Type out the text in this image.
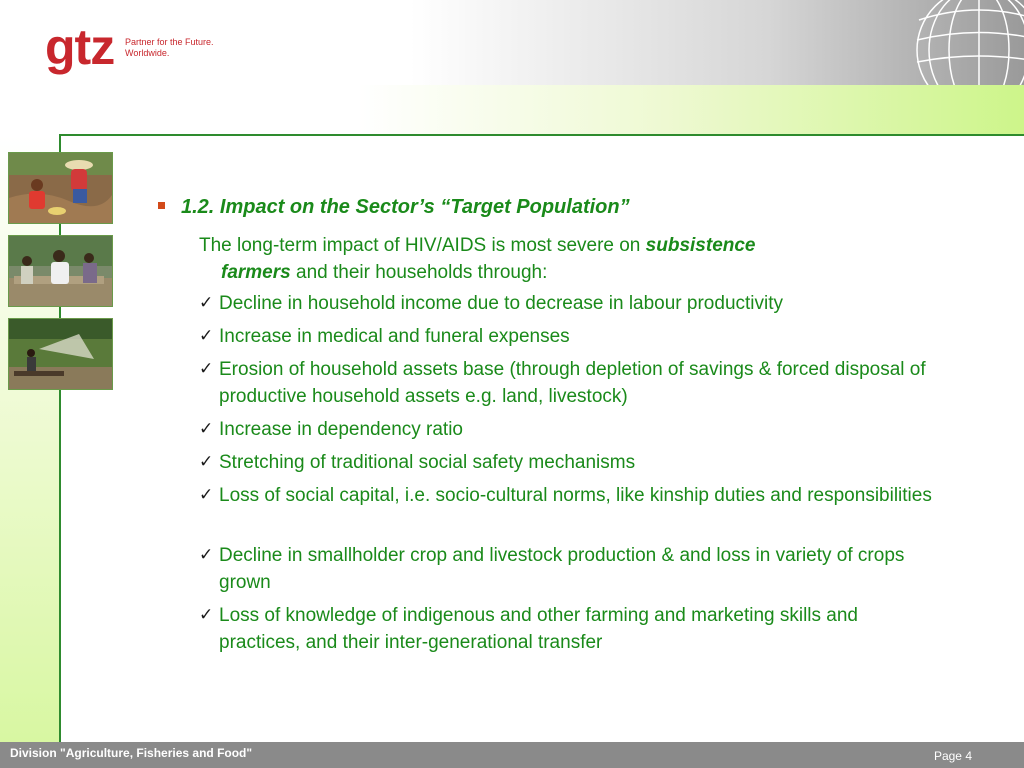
gtz Partner for the Future.
Worldwide.
1.2. Impact on the Sector’s “Target Population”
The long-term impact of HIV/AIDS is most severe on subsistence
farmers and their households through:
✓ Decline in household income due to decrease in labour productivity
✓ Increase in medical and funeral expenses
✓ Erosion of household assets base (through depletion of savings & forced disposal of productive household assets e.g. land, livestock)
✓ Increase in dependency ratio
✓ Stretching of traditional social safety mechanisms
✓ Loss of social capital, i.e. socio-cultural norms, like kinship duties and responsibilities
✓ Decline in smallholder crop and livestock production & and loss in variety of crops grown
✓ Loss of knowledge of indigenous and other farming and marketing skills and practices, and their inter-generational transfer
Division "Agriculture, Fisheries and Food"	Page 4
